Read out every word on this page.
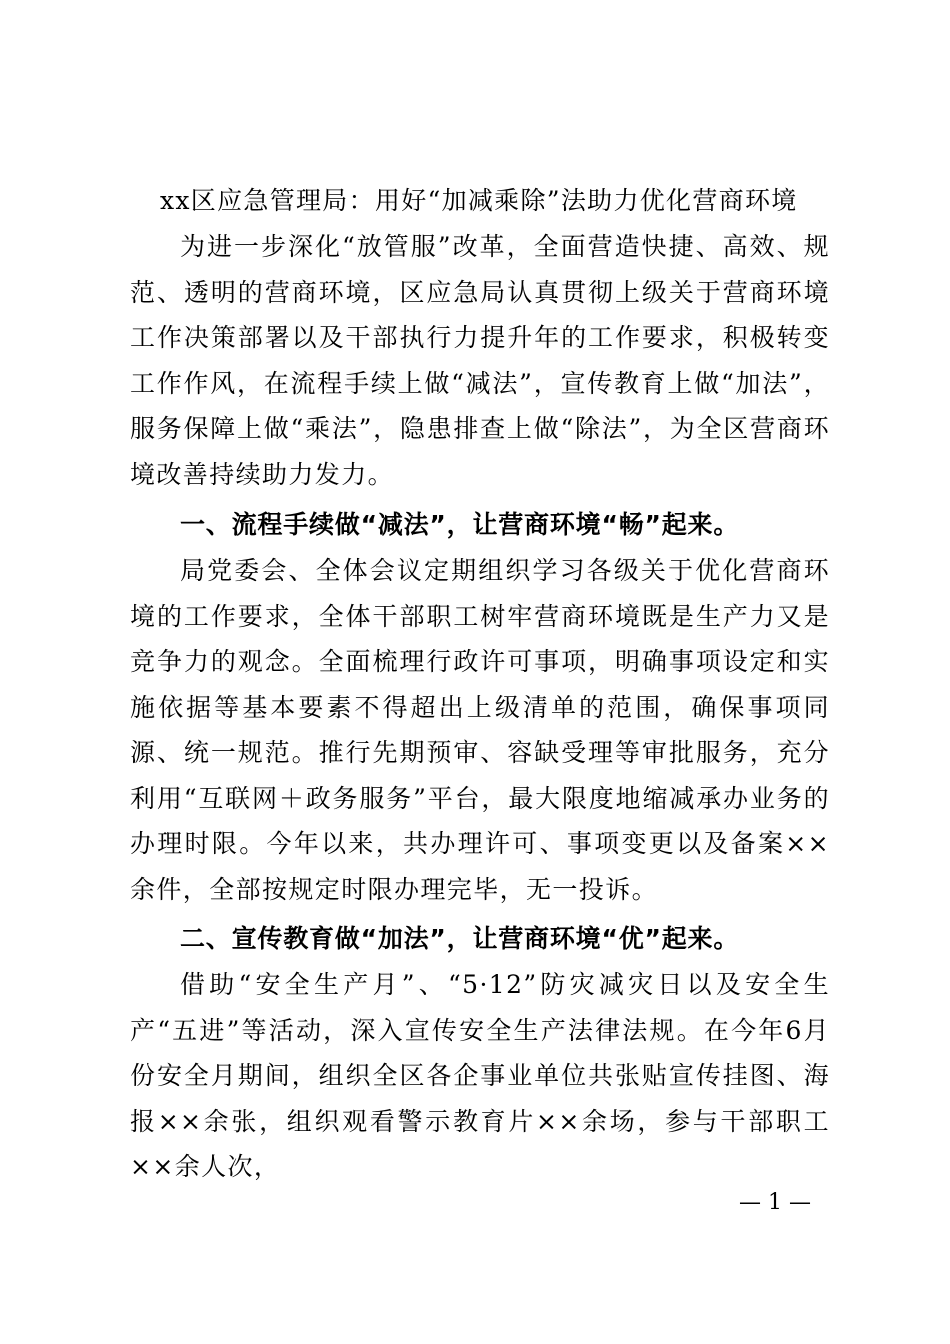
xx区应急管理局：用好“加减乘除”法助力优化营商环境

为进一步深化“放管服”改革，全面营造快捷、高效、规范、透明的营商环境，区应急局认真贯彻上级关于营商环境工作决策部署以及干部执行力提升年的工作要求，积极转变工作作风，在流程手续上做“减法”，宣传教育上做“加法”，服务保障上做“乘法”，隐患排查上做“除法”，为全区营商环境改善持续助力发力。

一、流程手续做“减法”，让营商环境“畅”起来。

局党委会、全体会议定期组织学习各级关于优化营商环境的工作要求，全体干部职工树牢营商环境既是生产力又是竞争力的观念。全面梳理行政许可事项，明确事项设定和实施依据等基本要素不得超出上级清单的范围，确保事项同源、统一规范。推行先期预审、容缺受理等审批服务，充分利用“互联网＋政务服务”平台，最大限度地缩减承办业务的办理时限。今年以来，共办理许可、事项变更以及备案××余件，全部按规定时限办理完毕，无一投诉。

二、宣传教育做“加法”，让营商环境“优”起来。

借助“安全生产月”、“5·12”防灾减灾日以及安全生产“五进”等活动，深入宣传安全生产法律法规。在今年6月份安全月期间，组织全区各企事业单位共张贴宣传挂图、海报××余张，组织观看警示教育片××余场，参与干部职工××余人次，

— 1 —
